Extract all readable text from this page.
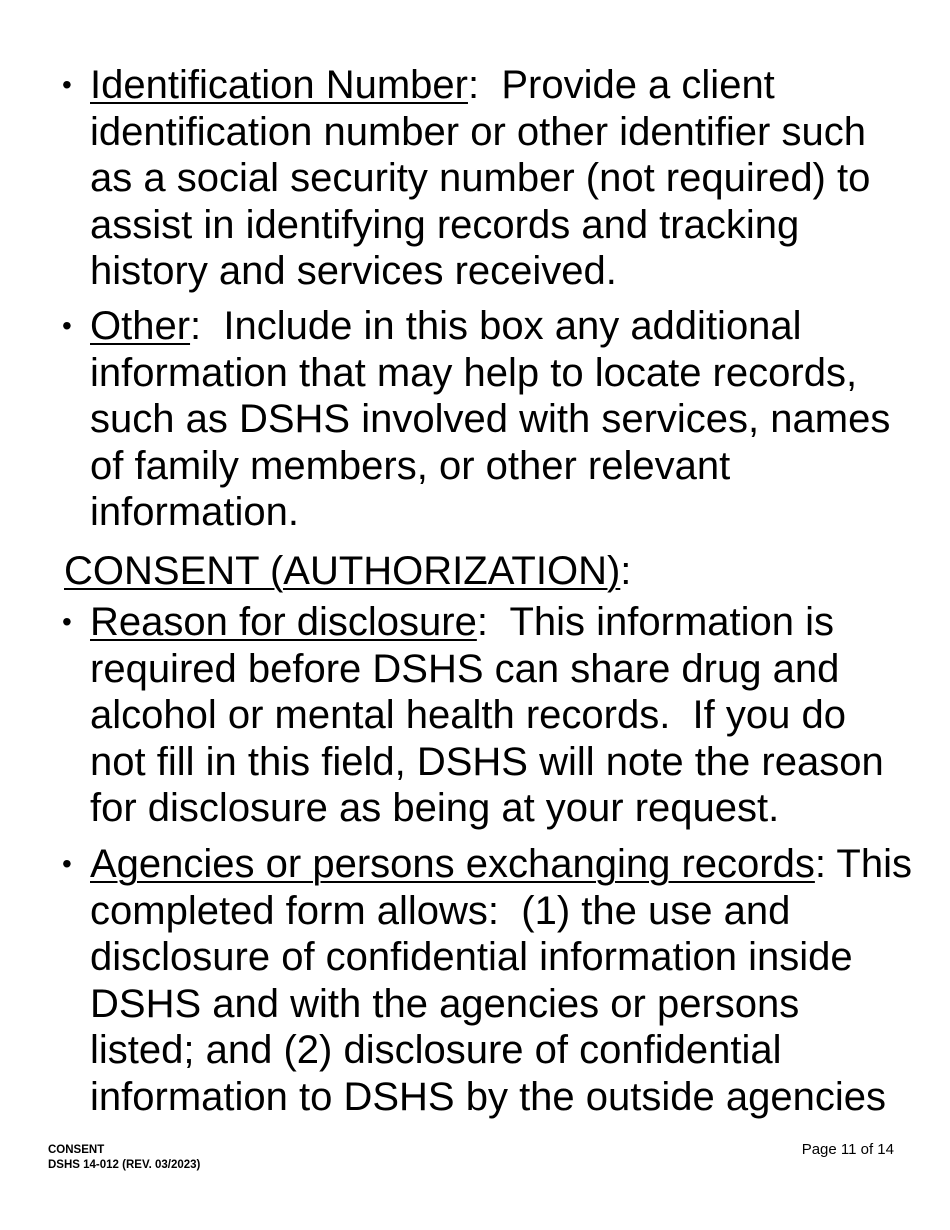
• Identification Number:  Provide a client identification number or other identifier such as a social security number (not required) to assist in identifying records and tracking history and services received.
• Other:  Include in this box any additional information that may help to locate records, such as DSHS involved with services, names of family members, or other relevant information.
CONSENT (AUTHORIZATION):
• Reason for disclosure:  This information is required before DSHS can share drug and alcohol or mental health records.  If you do not fill in this field, DSHS will note the reason for disclosure as being at your request.
• Agencies or persons exchanging records: This completed form allows:  (1) the use and disclosure of confidential information inside DSHS and with the agencies or persons listed; and (2) disclosure of confidential information to DSHS by the outside agencies
CONSENT
DSHS 14-012 (REV. 03/2023)
Page 11 of 14
